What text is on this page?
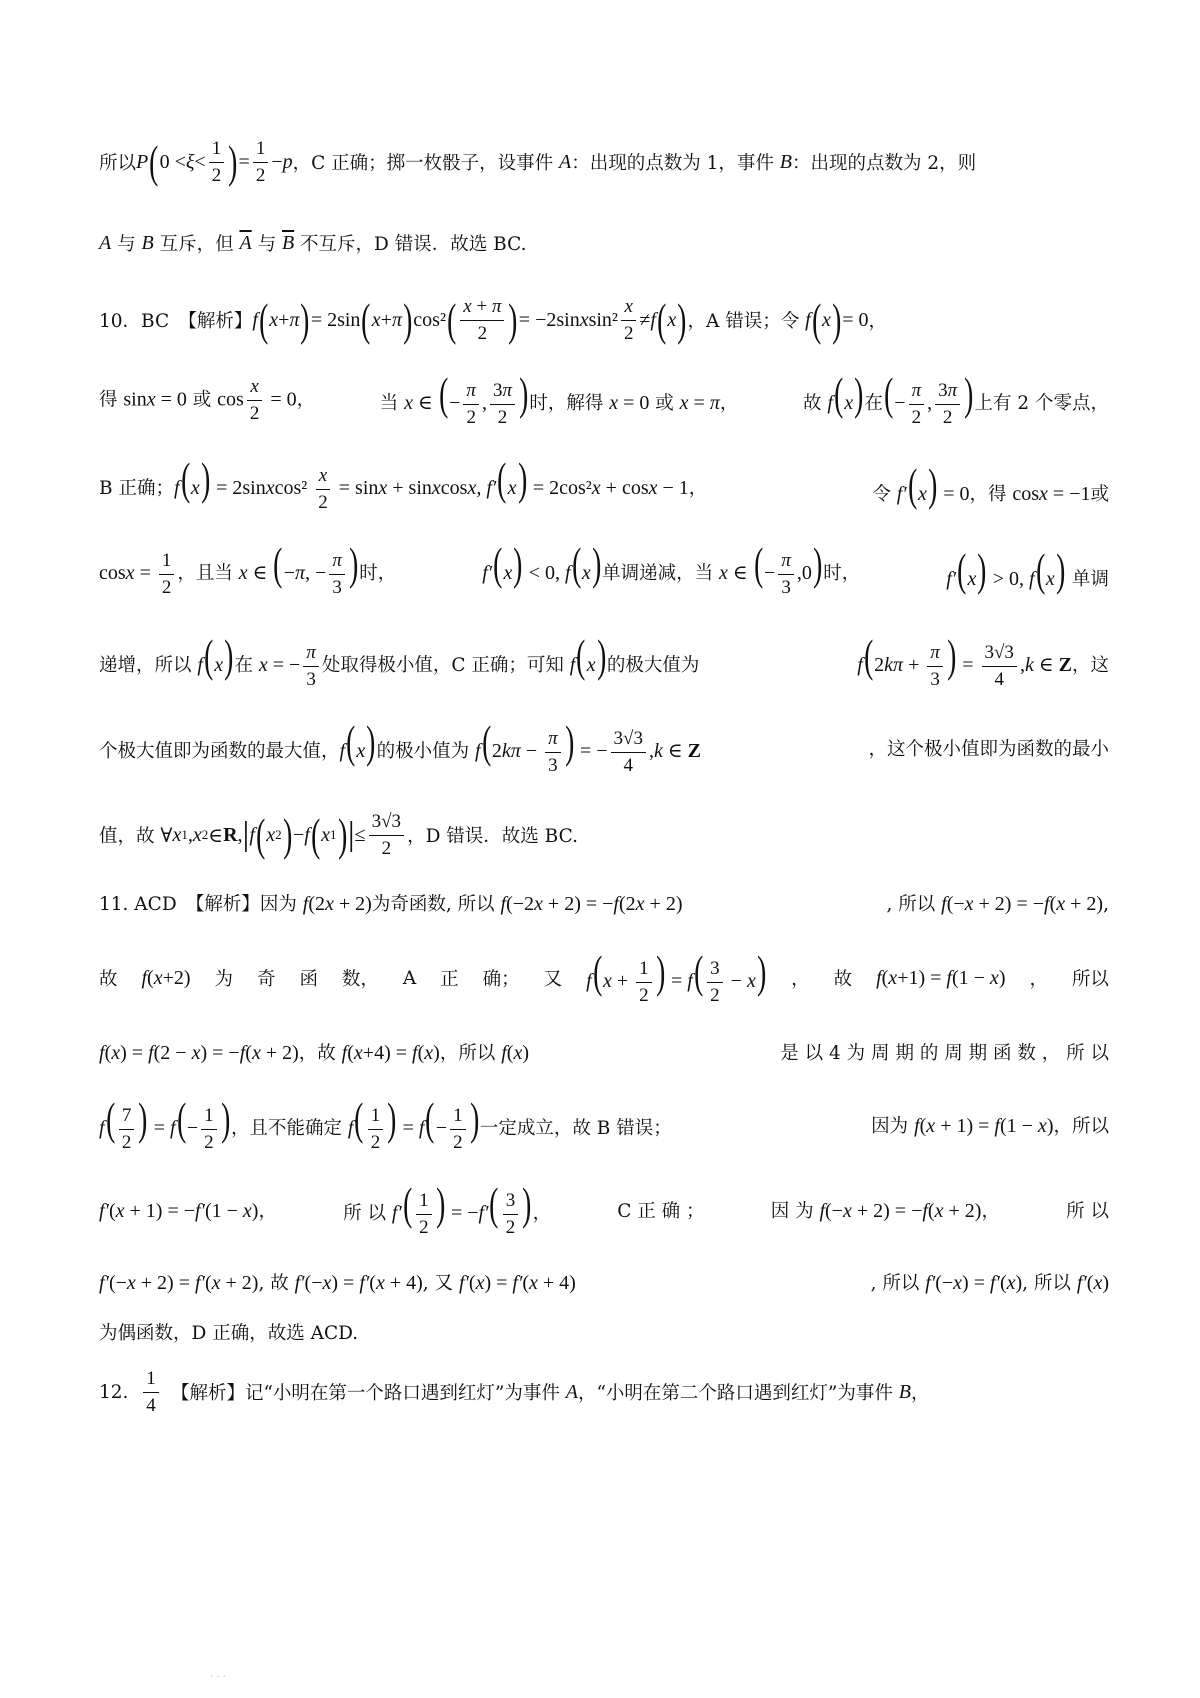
所以 P ( $0 < \xi < \frac{1}{2}$ ) = $\frac{1}{2} - p$ ，C 正确；掷一枚骰子，设事件 A ：出现的点数为 1，事件 B ：出现的点数为 2，则
A 与 B 互斥，但 $\overline{A}$ 与 $\overline{B}$ 不互斥，D 错误．故选 BC.
10．BC　【解析】 f ( x + π ) = 2sin ( x + π ) cos² ( $\frac{x + \pi}{2}$ ) = −2sin x $\sin^2 \frac{x}{2} \ne f$ ( x ) ，A 错误；令 f ( x ) = 0 ，
得 sinx = 0 或 $\cos \frac{x}{2} = 0$，	当 x ∈ (− $\frac{\pi}{2}$ , $\frac{3\pi}{2}$ )时，解得 x = 0 或 x = π，	故 f(x)在(− $\frac{\pi}{2}$ , $\frac{3\pi}{2}$ )上有 2 个零点，
B 正确；f(x) = 2sinxcos² $\frac{x}{2} = \sin x$ + sinxcosx, f′(x) = 2cos²x + cosx − 1，	令 f′(x) = 0，得 cosx = −1或
$\cos x = \frac{1}{2}$ ，且当 x ∈ (−π, − $\frac{\pi}{3}$ )时，	f′(x) < 0, f(x)单调递减，当 x ∈ (− $\frac{\pi}{3} ,0$)时，	f′(x) > 0, f(x) 单调
递增，所以 f(x)在 x = − $\frac{\pi}{3}$ 处取得极小值，C 正确；可知 f(x)的极大值为	$f(2k\pi + \frac{\pi}{3}$ ) = $\frac{3√3}{4} ,k$ ∈ Z，这
个极大值即为函数的最大值，f(x)的极小值为 $f(2k\pi - \frac{\pi}{3}$ ) = − $\frac{3√3}{4} ,k$ ∈ Z	，这个极小值即为函数的最小
值，故 ∀ x 1 , x 2 ∈ R , | f ( x 2 ) − f ( x 1 ) | ≤ $\frac{3√3}{2}$ ，D 错误．故选 BC.
11. ACD　【解析】因为 f(2x + 2)为奇函数, 所以 f(−2x + 2) = −f(2x + 2)	, 所以 f(−x + 2) = −f(x + 2),
故 f(x+2) 为 奇 函 数， A 正 确； 又 $f(x + \frac{1}{2}$ ) = $f( \frac{3}{2} - x)$ ， 故 f(x+1) = f(1 − x) ， 所以
f(x) = f(2 − x) = −f(x + 2)，故 f(x+4) = f(x)，所以 f(x)	是 以 4 为 周 期 的 周 期 函 数 ， 所 以
$f( \frac{7}{2}$ ) = $f(- \frac{1}{2}$ )，且不能确定 $f( \frac{1}{2}$ ) = $f(- \frac{1}{2}$ )一定成立，故 B 错误；	因为 f(x + 1) = f(1 − x)，所以
f′(x + 1) = −f′(1 − x)，	所 以 $f'( \frac{1}{2}$ ) = $-f'( \frac{3}{2}$ )，	C 正 确 ；	因 为 f(−x + 2) = −f(x + 2)，	所 以
f′(−x + 2) = f′(x + 2), 故 f′(−x) = f′(x + 4), 又 f′(x) = f′(x + 4)	, 所以 f′(−x) = f′(x), 所以 f′(x)
为偶函数，D 正确，故选 ACD.
12. $\frac{1}{4}$ 　【解析】记“小明在第一个路口遇到红灯”为事件 A ，“小明在第二个路口遇到红灯”为事件 B ，
· · ·
